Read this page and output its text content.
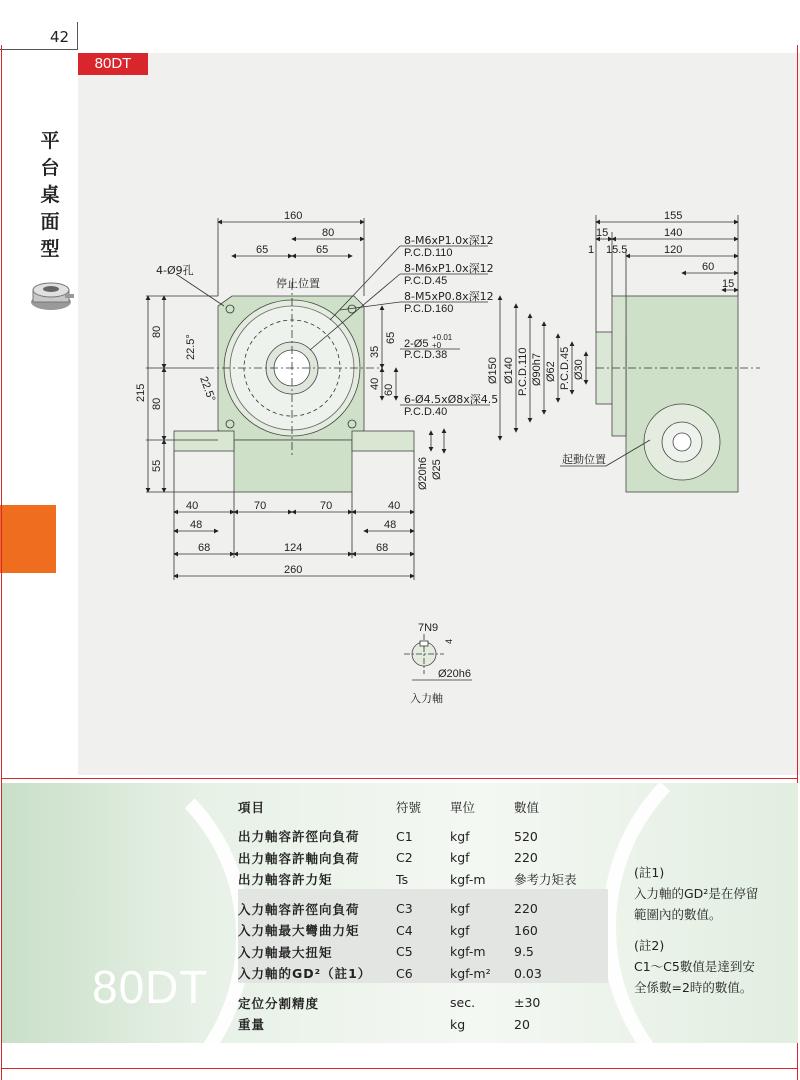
42
80DT
平台桌面型
160
80
65	65
4-Ø9孔
停止位置
22.5°
22.5°
8-M6xP1.0x深12
P.C.D.110
8-M6xP1.0x深12
P.C.D.45
8-M5xP0.8x深12
P.C.D.160
2-Ø5
+0.01
+0
P.C.D.38
6-Ø4.5xØ8x深4.5
P.C.D.40
65
35
40 60
80
215
80
55	Ø20h6 Ø25
40	70	70	40
48	48
68	124	68
260
155
15	140
1 15.5	120
60
15
Ø150 Ø140 P.C.D.110 Ø90h7 Ø62 P.C.D.45 Ø30
起動位置
7N9
4
Ø20h6
入力軸
80DT
項目	符號	單位	數值

出力軸容許徑向負荷	C1	kgf	520
出力軸容許軸向負荷	C2	kgf	220
出力軸容許力矩	Ts	kgf-m	參考力矩表

入力軸容許徑向負荷	C3	kgf	220
入力軸最大彎曲力矩	C4	kgf	160
入力軸最大扭矩	C5	kgf-m	9.5
入力軸的GD²（註1）	C6	kgf-m²	0.03

定位分割精度		sec.	±30
重量		kg	20

(註1)

入力軸的GD²是在停留範圍內的數值。

(註2)

C1～C5數值是達到安全係數=2時的數值。
